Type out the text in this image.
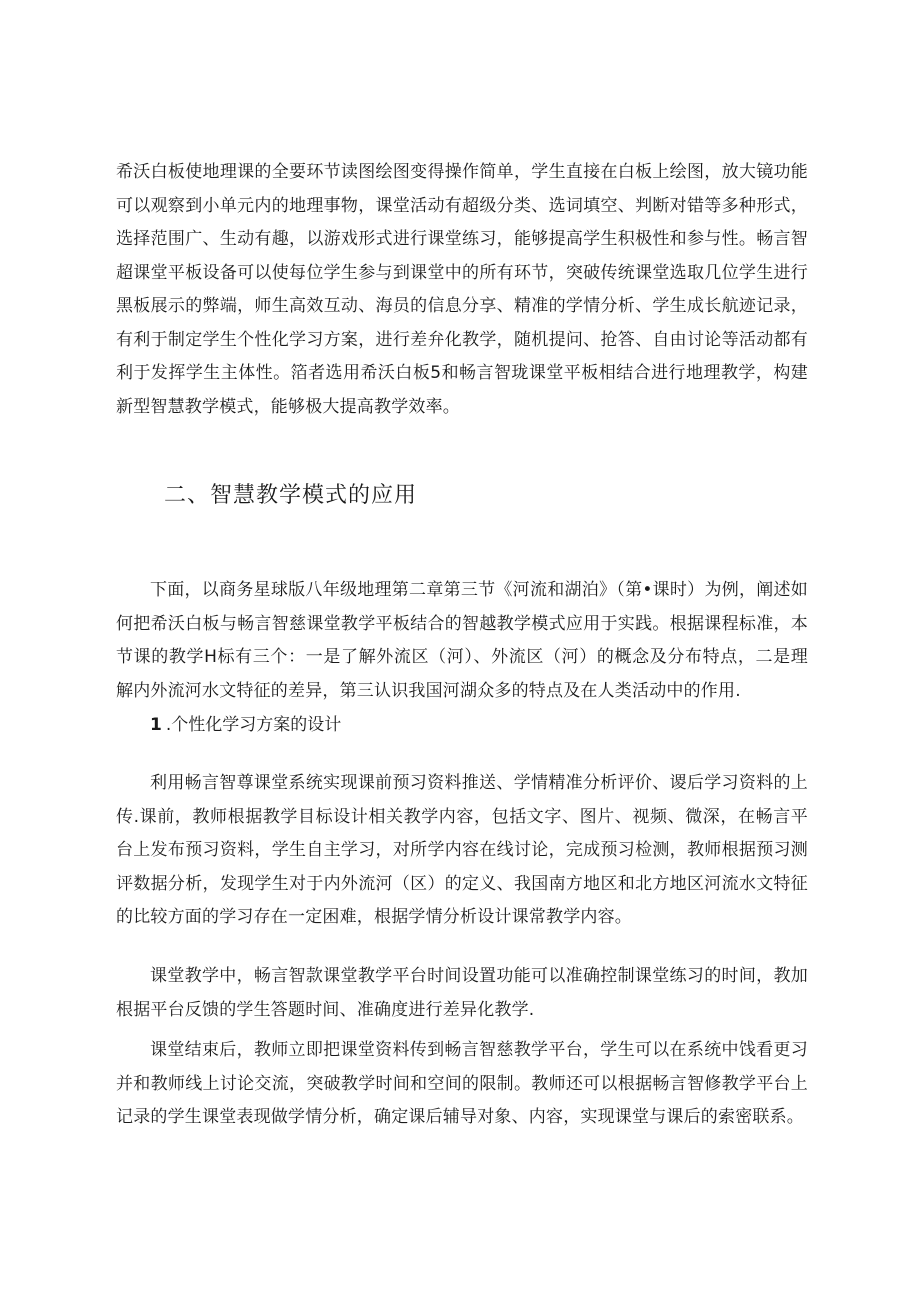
希沃白板使地理课的全要环节读图绘图变得操作简单，学生直接在白板上绘图，放大镜功能可以观察到小单元内的地理事物，课堂活动有超级分类、选词填空、判断对错等多种形式，选择范围广、生动有趣，以游戏形式进行课堂练习，能够提高学生积极性和参与性。畅言智超课堂平板设备可以使每位学生参与到课堂中的所有环节，突破传统课堂选取几位学生进行黑板展示的弊端，师生高效互动、海员的信息分享、精准的学情分析、学生成长航迹记录，有利于制定学生个性化学习方案，进行差弁化教学，随机提问、抢答、自由讨论等活动都有利于发挥学生主体性。箔者选用希沃白板5和畅言智珑课堂平板相结合进行地理教学，构建新型智慧教学模式，能够极大提高教学效率。

二、智慧教学模式的应用

下面，以商务星球版八年级地理第二章第三节《河流和湖泊》（第•课时）为例，阐述如何把希沃白板与畅言智慈课堂教学平板结合的智越教学模式应用于实践。根据课程标准，本节课的教学H标有三个：一是了解外流区（河）、外流区（河）的概念及分布特点，二是理解内外流河水文特征的差异，第三认识我国河湖众多的特点及在人类活动中的作用.

1 .个性化学习方案的设计

利用畅言智尊课堂系统实现课前预习资料推送、学情精准分析评价、谡后学习资料的上传.课前，教师根据教学目标设计相关教学内容，包括文字、图片、视频、微深，在畅言平台上发布预习资料，学生自主学习，对所学内容在线讨论，完成预习检测，教师根据预习测评数据分析，发现学生对于内外流河（区）的定义、我国南方地区和北方地区河流水文特征的比较方面的学习存在一定困难，根据学情分析设计课常教学内容。

课堂教学中，畅言智款课堂教学平台时间设置功能可以准确控制课堂练习的时间，教加根据平台反馈的学生答题时间、准确度进行差异化教学.

课堂结束后，教师立即把课堂资料传到畅言智慈教学平台，学生可以在系统中饯看更习并和教师线上讨论交流，突破教学时间和空间的限制。教师还可以根据畅言智修教学平台上记录的学生课堂表现做学情分析，确定课后辅导对象、内容，实现课堂与课后的索密联系。
